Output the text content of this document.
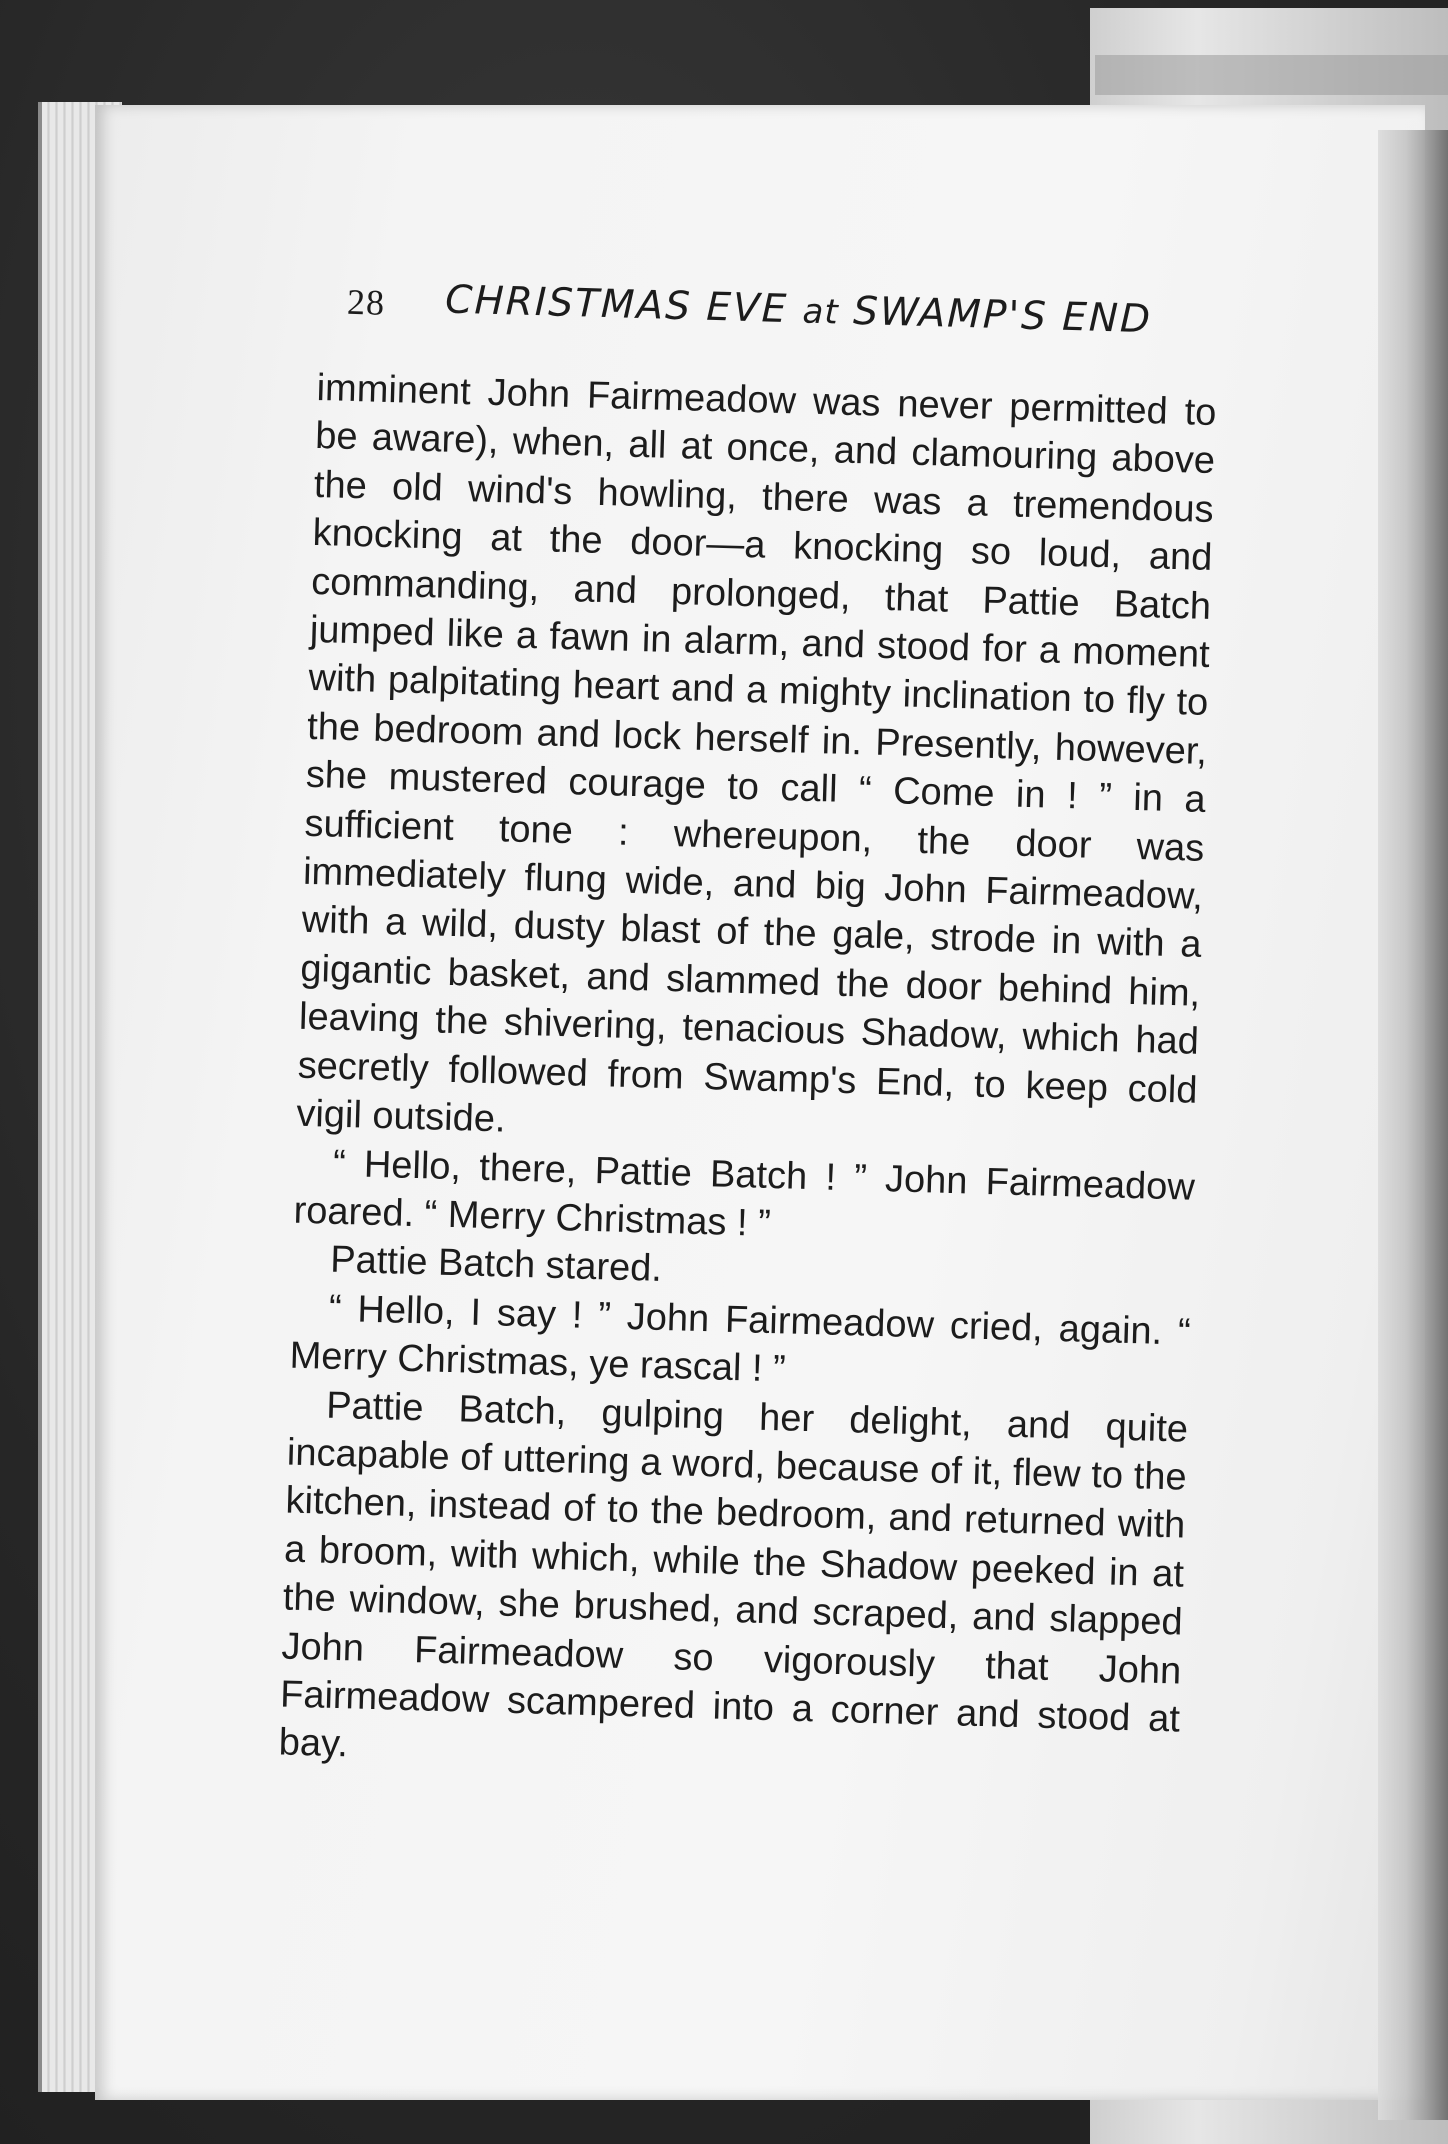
28 CHRISTMAS EVE at SWAMP'S END

imminent John Fairmeadow was never permitted to be aware), when, all at once, and clamouring above the old wind's howling, there was a tremendous knocking at the door—a knocking so loud, and commanding, and prolonged, that Pattie Batch jumped like a fawn in alarm, and stood for a moment with palpitating heart and a mighty inclination to fly to the bedroom and lock herself in. Presently, however, she mustered courage to call “ Come in ! ” in a sufficient tone : whereupon, the door was immediately flung wide, and big John Fairmeadow, with a wild, dusty blast of the gale, strode in with a gigantic basket, and slammed the door behind him, leaving the shivering, tenacious Shadow, which had secretly followed from Swamp's End, to keep cold vigil outside.

“ Hello, there, Pattie Batch ! ” John Fairmeadow roared. “ Merry Christmas ! ”

Pattie Batch stared.

“ Hello, I say ! ” John Fairmeadow cried, again. “ Merry Christmas, ye rascal ! ”

Pattie Batch, gulping her delight, and quite incapable of uttering a word, because of it, flew to the kitchen, instead of to the bedroom, and returned with a broom, with which, while the Shadow peeked in at the window, she brushed, and scraped, and slapped John Fairmeadow so vigorously that John Fairmeadow scampered into a corner and stood at bay.
